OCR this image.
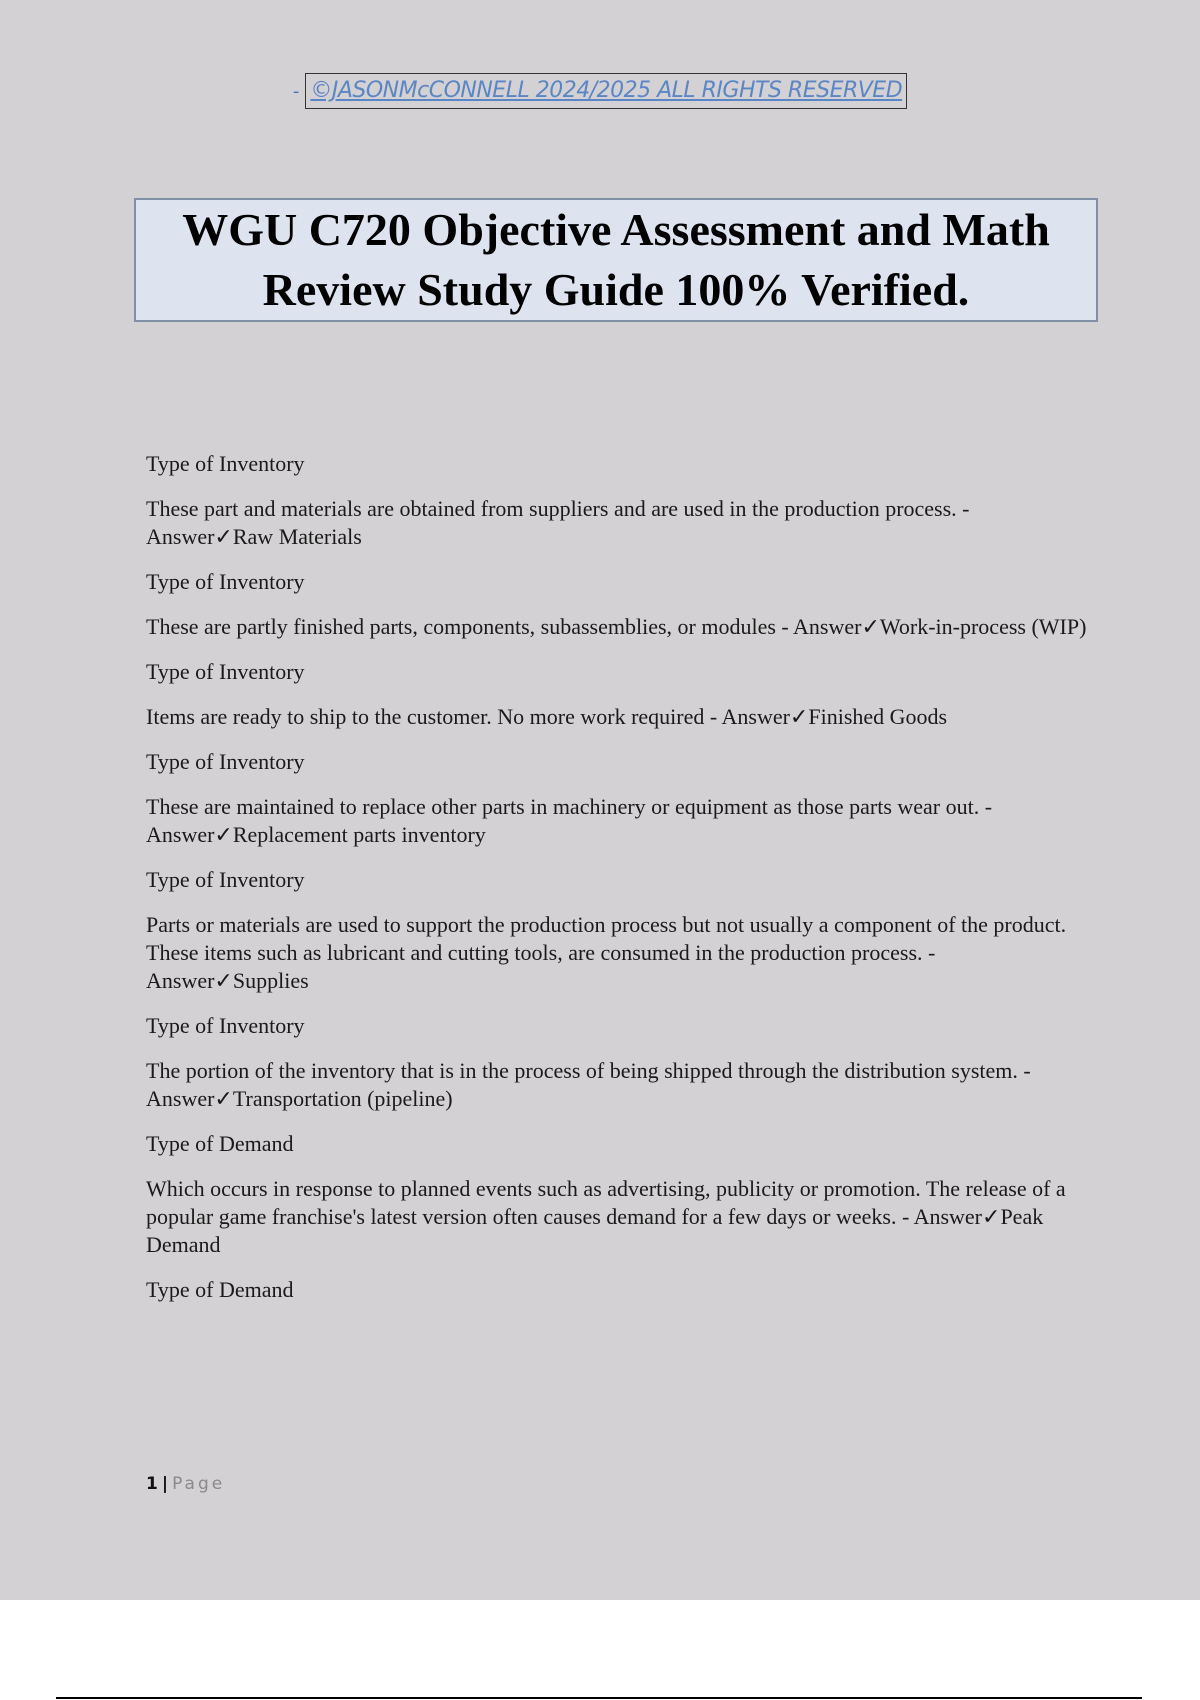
- ©JASONMcCONNELL 2024/2025 ALL RIGHTS RESERVED
WGU C720 Objective Assessment and Math
Review Study Guide 100% Verified.

Type of Inventory

These part and materials are obtained from suppliers and are used in the production process. - Answer✓Raw Materials

Type of Inventory

These are partly finished parts, components, subassemblies, or modules - Answer✓Work-in-process (WIP)

Type of Inventory

Items are ready to ship to the customer. No more work required - Answer✓Finished Goods

Type of Inventory

These are maintained to replace other parts in machinery or equipment as those parts wear out. - Answer✓Replacement parts inventory

Type of Inventory

Parts or materials are used to support the production process but not usually a component of the product. These items such as lubricant and cutting tools, are consumed in the production process. - Answer✓Supplies

Type of Inventory

The portion of the inventory that is in the process of being shipped through the distribution system. - Answer✓Transportation (pipeline)

Type of Demand

Which occurs in response to planned events such as advertising, publicity or promotion. The release of a popular game franchise's latest version often causes demand for a few days or weeks. - Answer✓Peak Demand

Type of Demand

1 | Page
